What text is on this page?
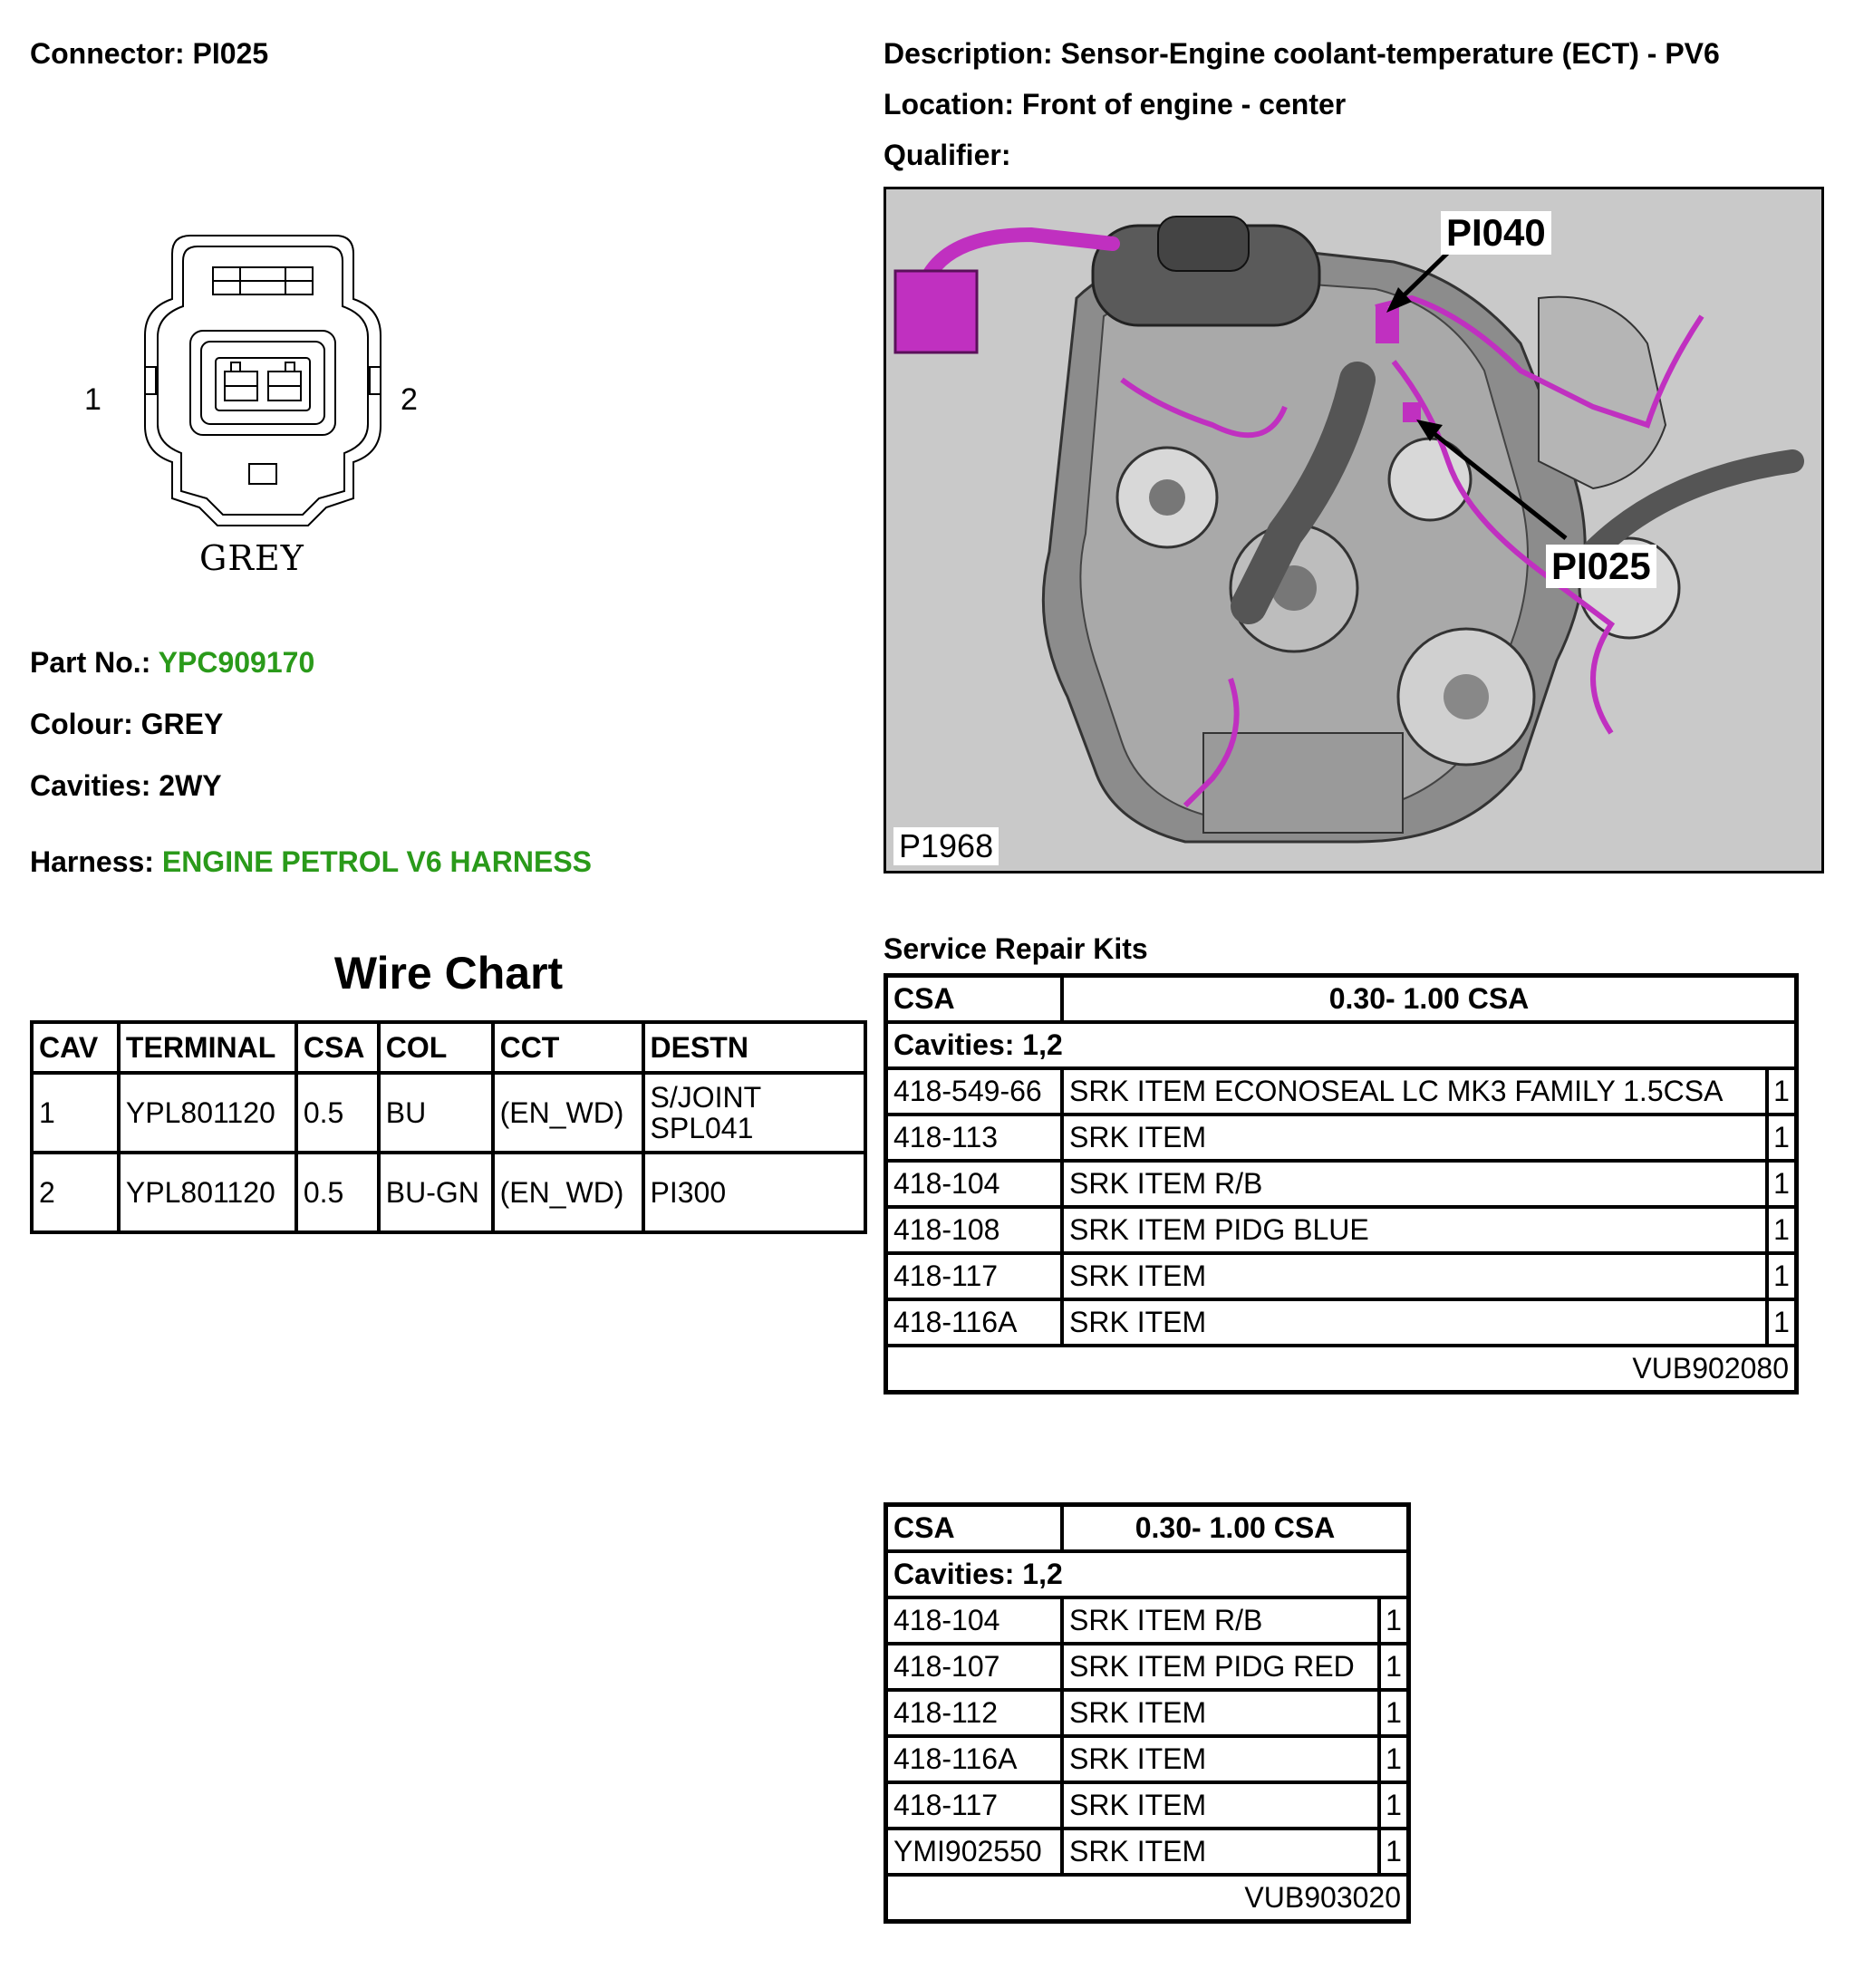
Connector: PI025	Description: Sensor-Engine coolant-temperature (ECT) - PV6
Location: Front of engine - center
Qualifier:
1	2
GREY
Part No.: YPC909170
Colour: GREY
Cavities: 2WY
Harness: ENGINE PETROL V6 HARNESS
PI040
PI025
P1968
Wire Chart
CAV	TERMINAL	CSA	COL	CCT	DESTN
1	YPL801120	0.5	BU	(EN_WD)	S/JOINT SPL041
2	YPL801120	0.5	BU-GN	(EN_WD)	PI300
Service Repair Kits
CSA	0.30- 1.00 CSA	
Cavities: 1,2		
418-549-66	SRK ITEM ECONOSEAL LC MK3 FAMILY 1.5CSA	1
418-113	SRK ITEM	1
418-104	SRK ITEM R/B	1
418-108	SRK ITEM PIDG BLUE	1
418-117	SRK ITEM	1
418-116A	SRK ITEM	1
VUB902080		
CSA	0.30- 1.00 CSA	
Cavities: 1,2		
418-104	SRK ITEM R/B	1
418-107	SRK ITEM PIDG RED	1
418-112	SRK ITEM	1
418-116A	SRK ITEM	1
418-117	SRK ITEM	1
YMI902550	SRK ITEM	1
VUB903020		
